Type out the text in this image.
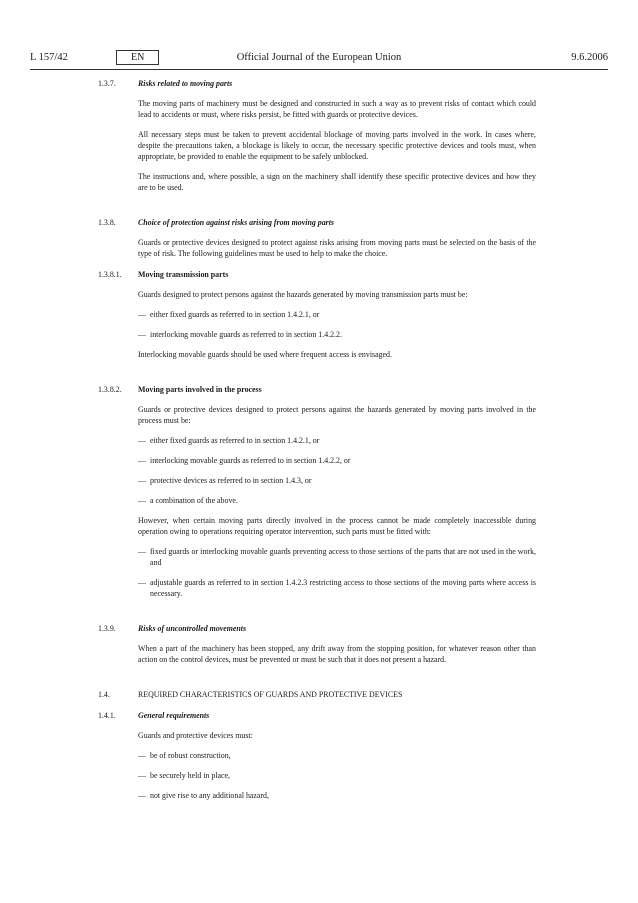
L 157/42	Official Journal of the European Union
EN	9.6.2006
1.3.7.	Risks related to moving parts
The moving parts of machinery must be designed and constructed in such a way as to prevent risks of contact which could lead to accidents or must, where risks persist, be fitted with guards or protective devices.
All necessary steps must be taken to prevent accidental blockage of moving parts involved in the work. In cases where, despite the precautions taken, a blockage is likely to occur, the necessary specific protective devices and tools must, when appropriate, be provided to enable the equipment to be safely unblocked.
The instructions and, where possible, a sign on the machinery shall identify these specific protective devices and how they are to be used.
1.3.8.	Choice of protection against risks arising from moving parts
Guards or protective devices designed to protect against risks arising from moving parts must be selected on the basis of the type of risk. The following guidelines must be used to help to make the choice.
1.3.8.1.	Moving transmission parts
Guards designed to protect persons against the hazards generated by moving transmission parts must be:
— either fixed guards as referred to in section 1.4.2.1, or
— interlocking movable guards as referred to in section 1.4.2.2.
Interlocking movable guards should be used where frequent access is envisaged.
1.3.8.2.	Moving parts involved in the process
Guards or protective devices designed to protect persons against the hazards generated by moving parts involved in the process must be:
— either fixed guards as referred to in section 1.4.2.1, or
— interlocking movable guards as referred to in section 1.4.2.2, or
— protective devices as referred to in section 1.4.3, or
— a combination of the above.
However, when certain moving parts directly involved in the process cannot be made completely inaccessible during operation owing to operations requiring operator intervention, such parts must be fitted with:
— fixed guards or interlocking movable guards preventing access to those sections of the parts that are not used in the work, and
— adjustable guards as referred to in section 1.4.2.3 restricting access to those sections of the moving parts where access is necessary.
1.3.9.	Risks of uncontrolled movements
When a part of the machinery has been stopped, any drift away from the stopping position, for whatever reason other than action on the control devices, must be prevented or must be such that it does not present a hazard.
1.4.	REQUIRED CHARACTERISTICS OF GUARDS AND PROTECTIVE DEVICES
1.4.1.	General requirements
Guards and protective devices must:
— be of robust construction,
— be securely held in place,
— not give rise to any additional hazard,
